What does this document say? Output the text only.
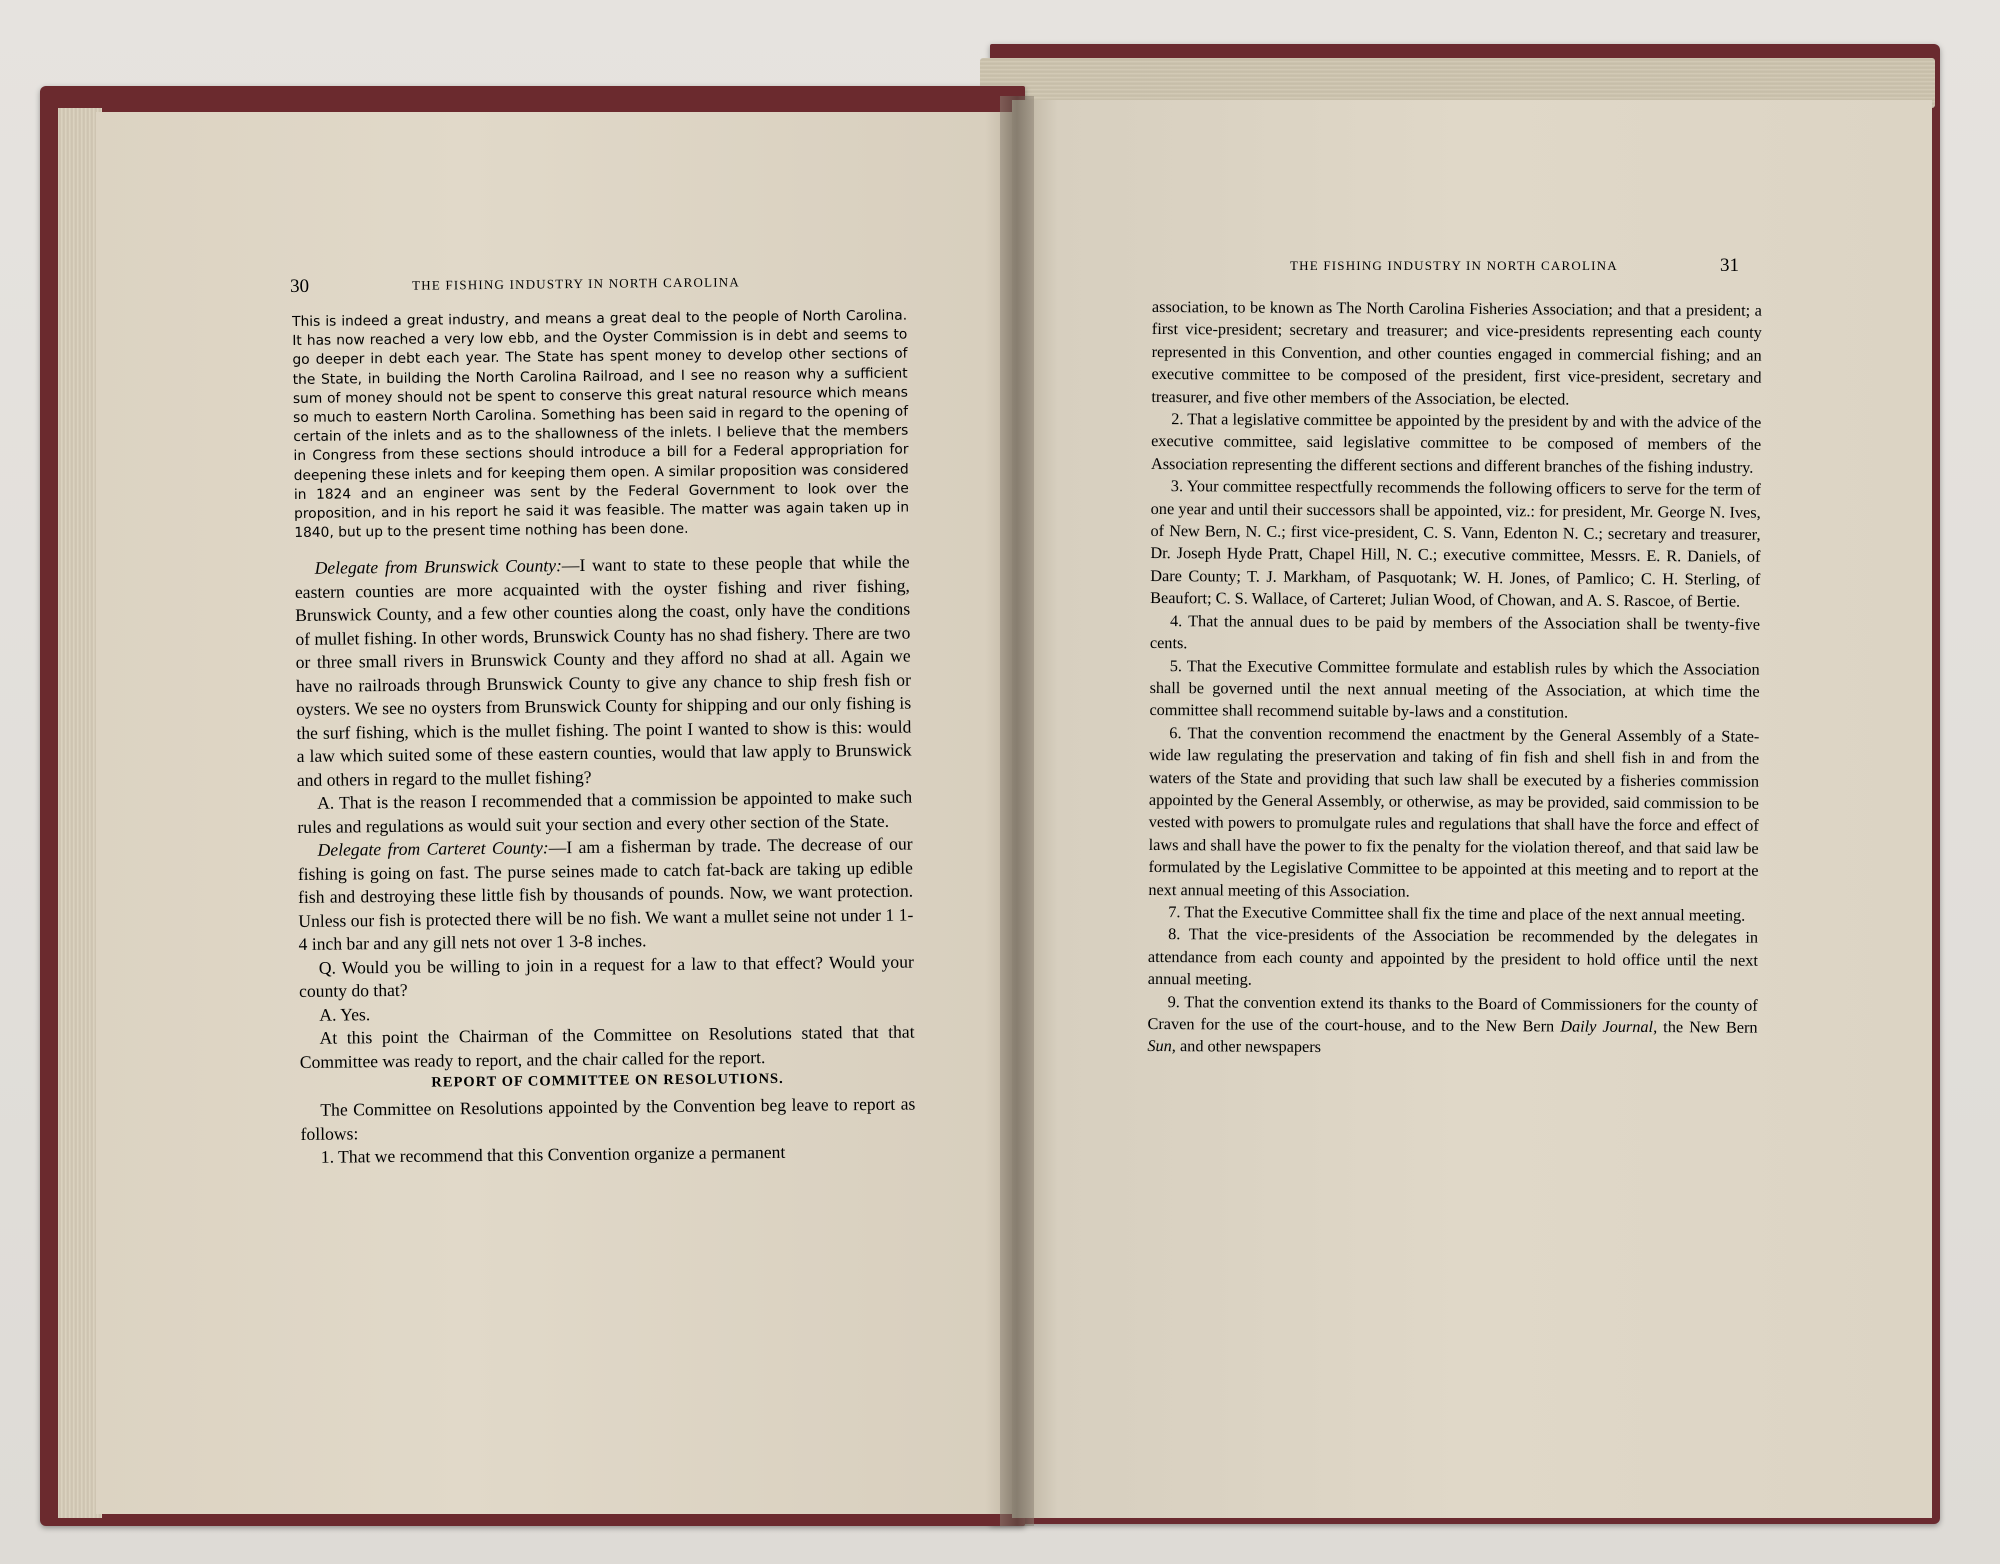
30	THE FISHING INDUSTRY IN NORTH CAROLINA
This is indeed a great industry, and means a great deal to the people of North Carolina. It has now reached a very low ebb, and the Oyster Commission is in debt and seems to go deeper in debt each year. The State has spent money to develop other sections of the State, in building the North Carolina Railroad, and I see no reason why a sufficient sum of money should not be spent to conserve this great natural resource which means so much to eastern North Carolina. Something has been said in regard to the opening of certain of the inlets and as to the shallowness of the inlets. I believe that the members in Congress from these sections should introduce a bill for a Federal appropriation for deepening these inlets and for keeping them open. A similar proposition was considered in 1824 and an engineer was sent by the Federal Government to look over the proposition, and in his report he said it was feasible. The matter was again taken up in 1840, but up to the present time nothing has been done.

Delegate from Brunswick County:—I want to state to these people that while the eastern counties are more acquainted with the oyster fishing and river fishing, Brunswick County, and a few other counties along the coast, only have the conditions of mullet fishing. In other words, Brunswick County has no shad fishery. There are two or three small rivers in Brunswick County and they afford no shad at all. Again we have no railroads through Brunswick County to give any chance to ship fresh fish or oysters. We see no oysters from Brunswick County for shipping and our only fishing is the surf fishing, which is the mullet fishing. The point I wanted to show is this: would a law which suited some of these eastern counties, would that law apply to Brunswick and others in regard to the mullet fishing?

A. That is the reason I recommended that a commission be appointed to make such rules and regulations as would suit your section and every other section of the State.

Delegate from Carteret County:—I am a fisherman by trade. The decrease of our fishing is going on fast. The purse seines made to catch fat-back are taking up edible fish and destroying these little fish by thousands of pounds. Now, we want protection. Unless our fish is protected there will be no fish. We want a mullet seine not under 1 1-4 inch bar and any gill nets not over 1 3-8 inches.

Q. Would you be willing to join in a request for a law to that effect? Would your county do that?

A. Yes.

At this point the Chairman of the Committee on Resolutions stated that that Committee was ready to report, and the chair called for the report.

REPORT OF COMMITTEE ON RESOLUTIONS.

The Committee on Resolutions appointed by the Convention beg leave to report as follows:

1. That we recommend that this Convention organize a permanent

THE FISHING INDUSTRY IN NORTH CAROLINA	31

association, to be known as The North Carolina Fisheries Association; and that a president; a first vice-president; secretary and treasurer; and vice-presidents representing each county represented in this Convention, and other counties engaged in commercial fishing; and an executive committee to be composed of the president, first vice-president, secretary and treasurer, and five other members of the Association, be elected.

2. That a legislative committee be appointed by the president by and with the advice of the executive committee, said legislative committee to be composed of members of the Association representing the different sections and different branches of the fishing industry.

3. Your committee respectfully recommends the following officers to serve for the term of one year and until their successors shall be appointed, viz.: for president, Mr. George N. Ives, of New Bern, N. C.; first vice-president, C. S. Vann, Edenton N. C.; secretary and treasurer, Dr. Joseph Hyde Pratt, Chapel Hill, N. C.; executive committee, Messrs. E. R. Daniels, of Dare County; T. J. Markham, of Pasquotank; W. H. Jones, of Pamlico; C. H. Sterling, of Beaufort; C. S. Wallace, of Carteret; Julian Wood, of Chowan, and A. S. Rascoe, of Bertie.

4. That the annual dues to be paid by members of the Association shall be twenty-five cents.

5. That the Executive Committee formulate and establish rules by which the Association shall be governed until the next annual meeting of the Association, at which time the committee shall recommend suitable by-laws and a constitution.

6. That the convention recommend the enactment by the General Assembly of a State-wide law regulating the preservation and taking of fin fish and shell fish in and from the waters of the State and providing that such law shall be executed by a fisheries commission appointed by the General Assembly, or otherwise, as may be provided, said commission to be vested with powers to promulgate rules and regulations that shall have the force and effect of laws and shall have the power to fix the penalty for the violation thereof, and that said law be formulated by the Legislative Committee to be appointed at this meeting and to report at the next annual meeting of this Association.

7. That the Executive Committee shall fix the time and place of the next annual meeting.

8. That the vice-presidents of the Association be recommended by the delegates in attendance from each county and appointed by the president to hold office until the next annual meeting.

9. That the convention extend its thanks to the Board of Commissioners for the county of Craven for the use of the court-house, and to the New Bern Daily Journal, the New Bern Sun, and other newspapers
